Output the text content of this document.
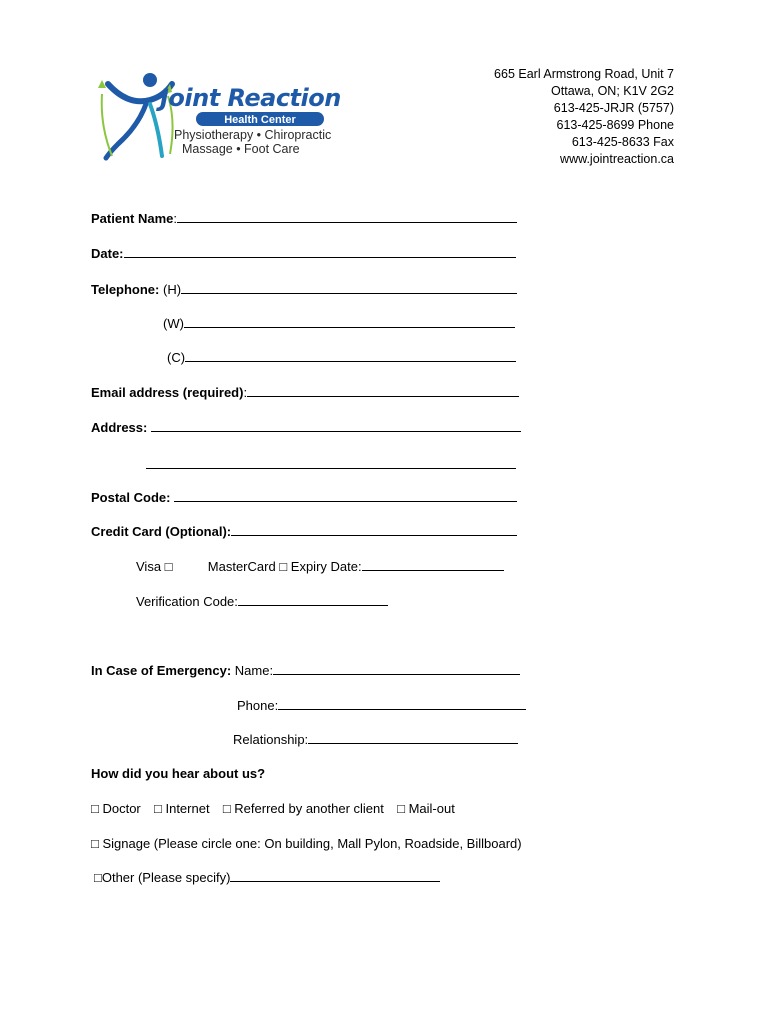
Joint Reaction
Health Center
Physiotherapy • Chiropractic
Massage • Foot Care
665 Earl Armstrong Road, Unit 7
Ottawa, ON; K1V 2G2
613-425-JRJR (5757)
613-425-8699 Phone
613-425-8633 Fax
www.jointreaction.ca
Patient Name:
Date:
Telephone: (H)
(W)
(C)
Email address (required):
Address:
Postal Code:
Credit Card (Optional):
Visa □	MasterCard □ Expiry Date:
Verification Code:
In Case of Emergency: Name:
Phone:
Relationship:
How did you hear about us?
□ Doctor □ Internet □ Referred by another client □ Mail-out
□ Signage (Please circle one: On building, Mall Pylon, Roadside, Billboard)
□Other (Please specify)
